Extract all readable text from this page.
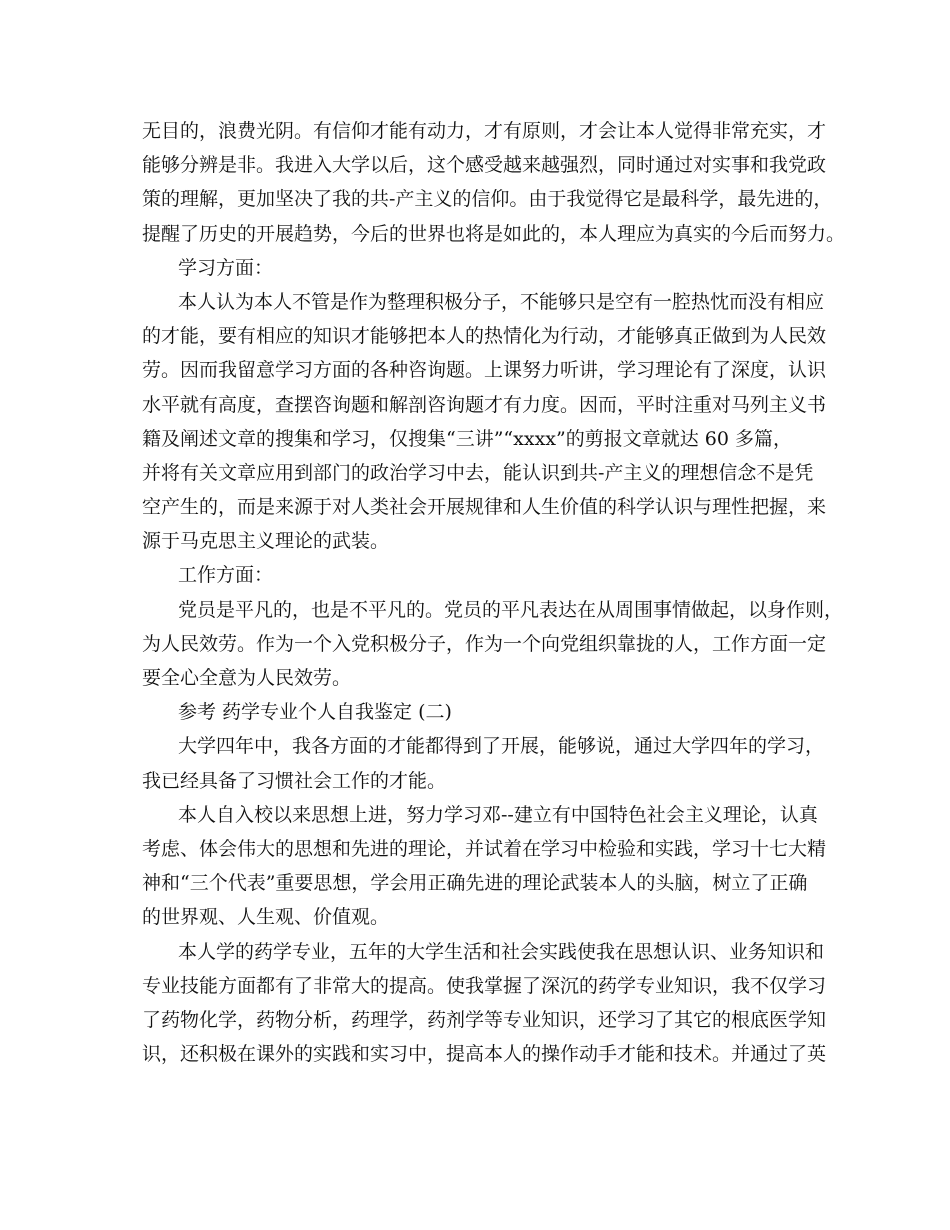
无目的，浪费光阴。有信仰才能有动力，才有原则，才会让本人觉得非常充实，才
能够分辨是非。我进入大学以后，这个感受越来越强烈，同时通过对实事和我党政
策的理解，更加坚决了我的共-产主义的信仰。由于我觉得它是最科学，最先进的，
提醒了历史的开展趋势，今后的世界也将是如此的，本人理应为真实的今后而努力。
学习方面：
本人认为本人不管是作为整理积极分子，不能够只是空有一腔热忱而没有相应
的才能，要有相应的知识才能够把本人的热情化为行动，才能够真正做到为人民效
劳。因而我留意学习方面的各种咨询题。上课努力听讲，学习理论有了深度，认识
水平就有高度，查摆咨询题和解剖咨询题才有力度。因而，平时注重对马列主义书
籍及阐述文章的搜集和学习，仅搜集“三讲”“xxxx”的剪报文章就达 60 多篇，
并将有关文章应用到部门的政治学习中去，能认识到共-产主义的理想信念不是凭
空产生的，而是来源于对人类社会开展规律和人生价值的科学认识与理性把握，来
源于马克思主义理论的武装。
工作方面：
党员是平凡的，也是不平凡的。党员的平凡表达在从周围事情做起，以身作则，
为人民效劳。作为一个入党积极分子，作为一个向党组织靠拢的人，工作方面一定
要全心全意为人民效劳。
参考 药学专业个人自我鉴定 (二)
大学四年中，我各方面的才能都得到了开展，能够说，通过大学四年的学习，
我已经具备了习惯社会工作的才能。
本人自入校以来思想上进，努力学习邓--建立有中国特色社会主义理论，认真
考虑、体会伟大的思想和先进的理论，并试着在学习中检验和实践，学习十七大精
神和“三个代表”重要思想，学会用正确先进的理论武装本人的头脑，树立了正确
的世界观、人生观、价值观。
本人学的药学专业，五年的大学生活和社会实践使我在思想认识、业务知识和
专业技能方面都有了非常大的提高。使我掌握了深沉的药学专业知识，我不仅学习
了药物化学，药物分析，药理学，药剂学等专业知识，还学习了其它的根底医学知
识，还积极在课外的实践和实习中，提高本人的操作动手才能和技术。并通过了英
